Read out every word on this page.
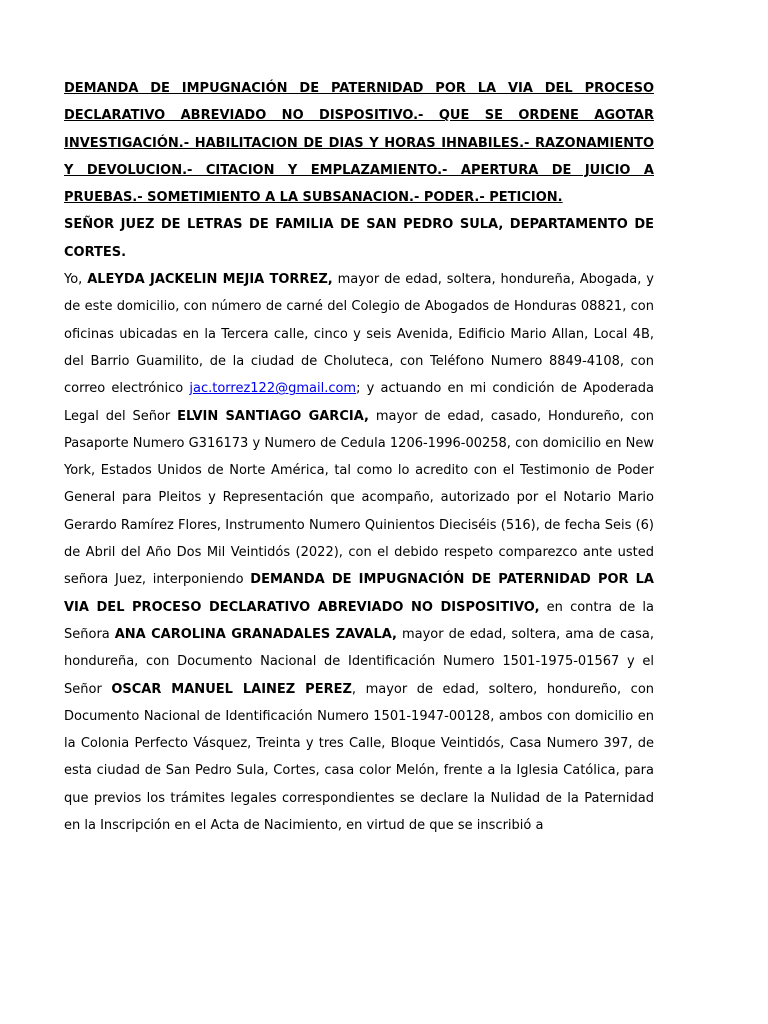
DEMANDA DE IMPUGNACIÓN DE PATERNIDAD POR LA VIA DEL PROCESO DECLARATIVO ABREVIADO NO DISPOSITIVO.- QUE SE ORDENE AGOTAR INVESTIGACIÓN.- HABILITACION DE DIAS Y HORAS IHNABILES.- RAZONAMIENTO Y DEVOLUCION.- CITACION Y EMPLAZAMIENTO.- APERTURA DE JUICIO A PRUEBAS.- SOMETIMIENTO A LA SUBSANACION.- PODER.- PETICION.

SEÑOR JUEZ DE LETRAS DE FAMILIA DE SAN PEDRO SULA, DEPARTAMENTO DE CORTES.

Yo, ALEYDA JACKELIN MEJIA TORREZ, mayor de edad, soltera, hondureña, Abogada, y de este domicilio, con número de carné del Colegio de Abogados de Honduras 08821, con oficinas ubicadas en la Tercera calle, cinco y seis Avenida, Edificio Mario Allan, Local 4B, del Barrio Guamilito, de la ciudad de Choluteca, con Teléfono Numero 8849-4108, con correo electrónico jac.torrez122@gmail.com; y actuando en mi condición de Apoderada Legal del Señor ELVIN SANTIAGO GARCIA, mayor de edad, casado, Hondureño, con Pasaporte Numero G316173 y Numero de Cedula 1206-1996-00258, con domicilio en New York, Estados Unidos de Norte América, tal como lo acredito con el Testimonio de Poder General para Pleitos y Representación que acompaño, autorizado por el Notario Mario Gerardo Ramírez Flores, Instrumento Numero Quinientos Dieciséis (516), de fecha Seis (6) de Abril del Año Dos Mil Veintidós (2022), con el debido respeto comparezco ante usted señora Juez, interponiendo DEMANDA DE IMPUGNACIÓN DE PATERNIDAD POR LA VIA DEL PROCESO DECLARATIVO ABREVIADO NO DISPOSITIVO, en contra de la Señora ANA CAROLINA GRANADALES ZAVALA, mayor de edad, soltera, ama de casa, hondureña, con Documento Nacional de Identificación Numero 1501-1975-01567 y el Señor OSCAR MANUEL LAINEZ PEREZ, mayor de edad, soltero, hondureño, con Documento Nacional de Identificación Numero 1501-1947-00128, ambos con domicilio en la Colonia Perfecto Vásquez, Treinta y tres Calle, Bloque Veintidós, Casa Numero 397, de esta ciudad de San Pedro Sula, Cortes, casa color Melón, frente a la Iglesia Católica, para que previos los trámites legales correspondientes se declare la Nulidad de la Paternidad en la Inscripción en el Acta de Nacimiento, en virtud de que se inscribió a
